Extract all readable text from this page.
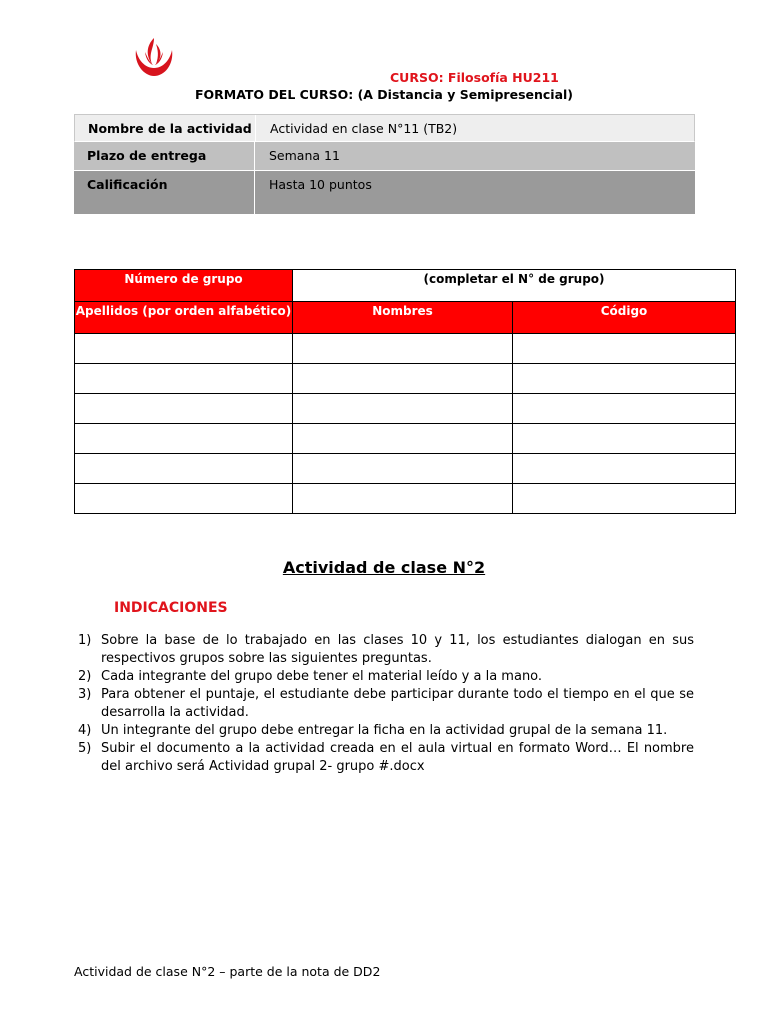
CURSO: Filosofía HU211
FORMATO DEL CURSO: (A Distancia y Semipresencial)
Nombre de la actividad	Actividad en clase N°11 (TB2)
Plazo de entrega	Semana 11
Calificación	Hasta 10 puntos
Número de grupo	(completar el N° de grupo)	
Apellidos (por orden alfabético)	Nombres	Código

Actividad de clase N°2
INDICACIONES
1) Sobre la base de lo trabajado en las clases 10 y 11, los estudiantes dialogan en sus respectivos grupos sobre las siguientes preguntas.
2) Cada integrante del grupo debe tener el material leído y a la mano.
3) Para obtener el puntaje, el estudiante debe participar durante todo el tiempo en el que se desarrolla la actividad.
4) Un integrante del grupo debe entregar la ficha en la actividad grupal de la semana 11.
5) Subir el documento a la actividad creada en el aula virtual en formato Word… El nombre del archivo será Actividad grupal 2- grupo #.docx
Actividad de clase N°2 – parte de la nota de DD2
